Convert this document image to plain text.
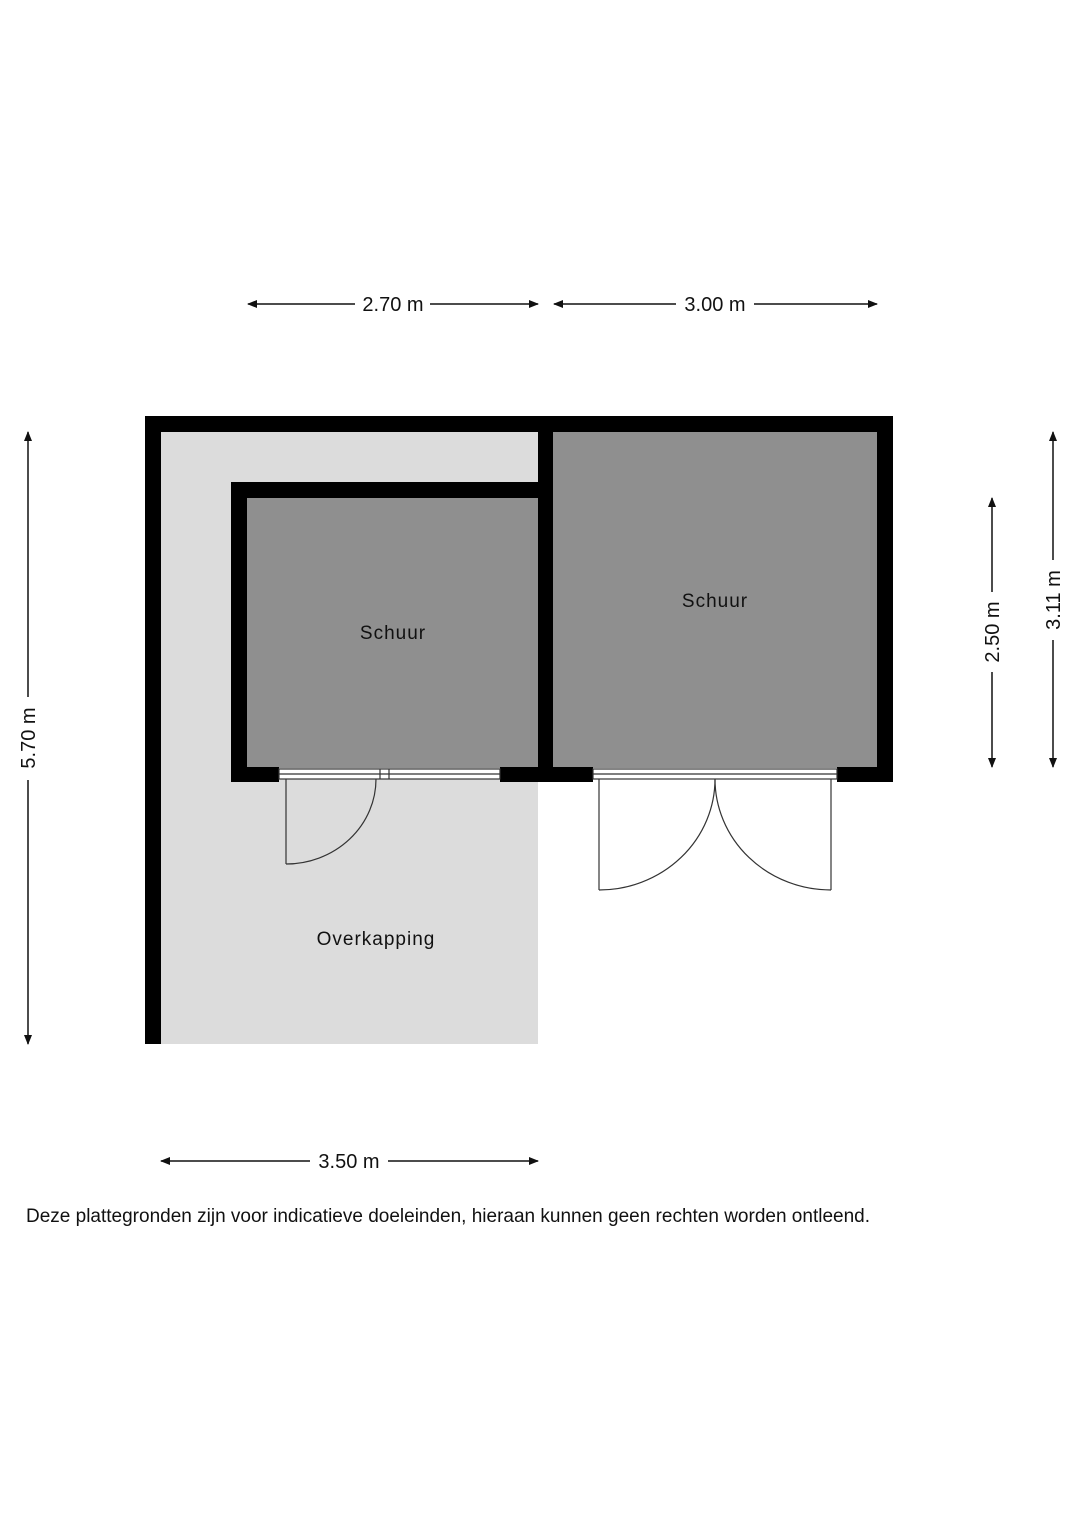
Schuur
Schuur
Overkapping
2.70 m	3.00 m
5.70 m
2.50 m
3.11 m
3.50 m
Deze plattegronden zijn voor indicatieve doeleinden, hieraan kunnen geen rechten worden ontleend.
